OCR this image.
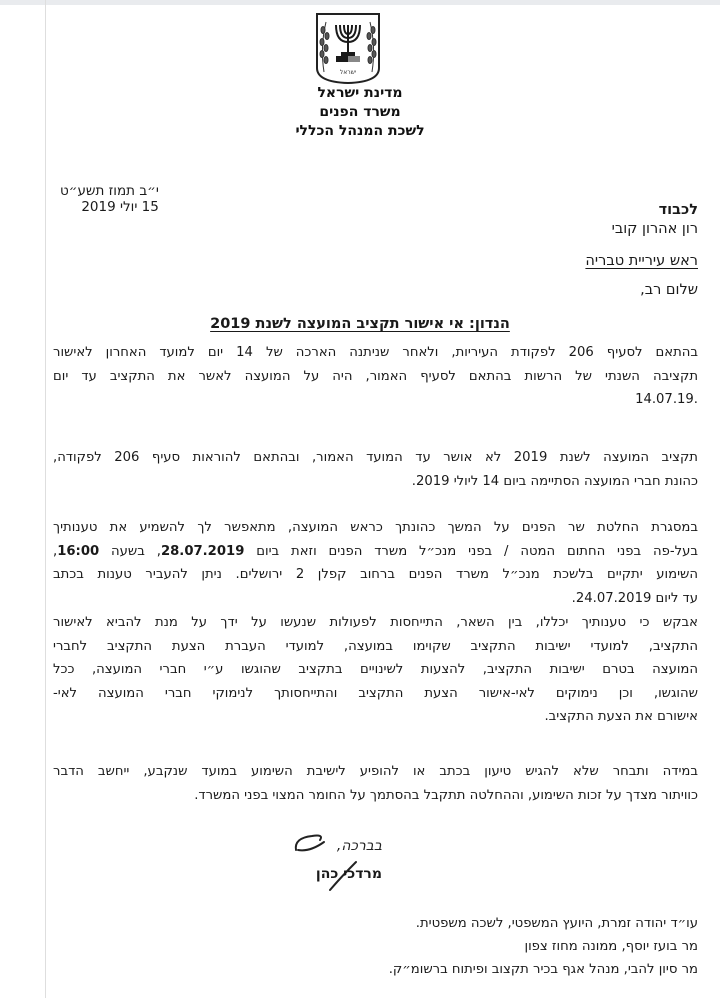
ישראל
מדינת ישראל
משרד הפנים
לשכת המנהל הכללי
י״ב תמוז תשע״ט
15 יולי 2019	לכבוד
רון אהרון קובי
ראש עיריית טבריה
שלום רב,
הנדון: אי אישור תקציב המועצה לשנת 2019
בהתאם לסעיף 206 לפקודת העיריות, ולאחר שניתנה הארכה של 14 יום למועד האחרון לאישור
תקציבה השנתי של הרשות בהתאם לסעיף האמור, היה על המועצה לאשר את התקציב עד יום
.14.07.19
תקציב המועצה לשנת 2019 לא אושר עד המועד האמור, ובהתאם להוראות סעיף 206 לפקודה,
כהונת חברי המועצה הסתיימה ביום 14 ליולי 2019.
במסגרת החלטת שר הפנים על המשך כהונתך כראש המועצה, מתאפשר לך להשמיע את טענותיך
בעל-פה בפני החתום המטה / בפני מנכ״ל משרד הפנים וזאת ביום 28.07.2019, בשעה 16:00,
השימוע יתקיים בלשכת מנכ״ל משרד הפנים ברחוב קפלן 2 ירושלים. ניתן להעביר טענות בכתב
עד ליום 24.07.2019.
אבקש כי טענותיך יכללו, בין השאר, התייחסות לפעולות שנעשו על ידך על מנת להביא לאישור
התקציב, למועדי ישיבות התקציב שקוימו במועצה, למועדי העברת הצעת התקציב לחברי
המועצה בטרם ישיבות התקציב, להצעות לשינויים בתקציב שהוגשו ע״י חברי המועצה, ככל
שהוגשו, וכן נימוקים לאי-אישור הצעת התקציב והתייחסותך לנימוקי חברי המועצה לאי-
אישורם את הצעת התקציב.
במידה ותבחר שלא להגיש טיעון בכתב או להופיע לישיבת השימוע במועד שנקבע, ייחשב הדבר
כוויתור מצדך על זכות השימוע, וההחלטה תתקבל בהסתמך על החומר המצוי בפני המשרד.
בברכה,
מרדכי כהן
עו״ד יהודה זמרת, היועץ המשפטי, לשכה משפטית.
מר בועז יוסף, ממונה מחוז צפון
מר סיון להבי, מנהל אגף בכיר תקצוב ופיתוח ברשומ״ק.
